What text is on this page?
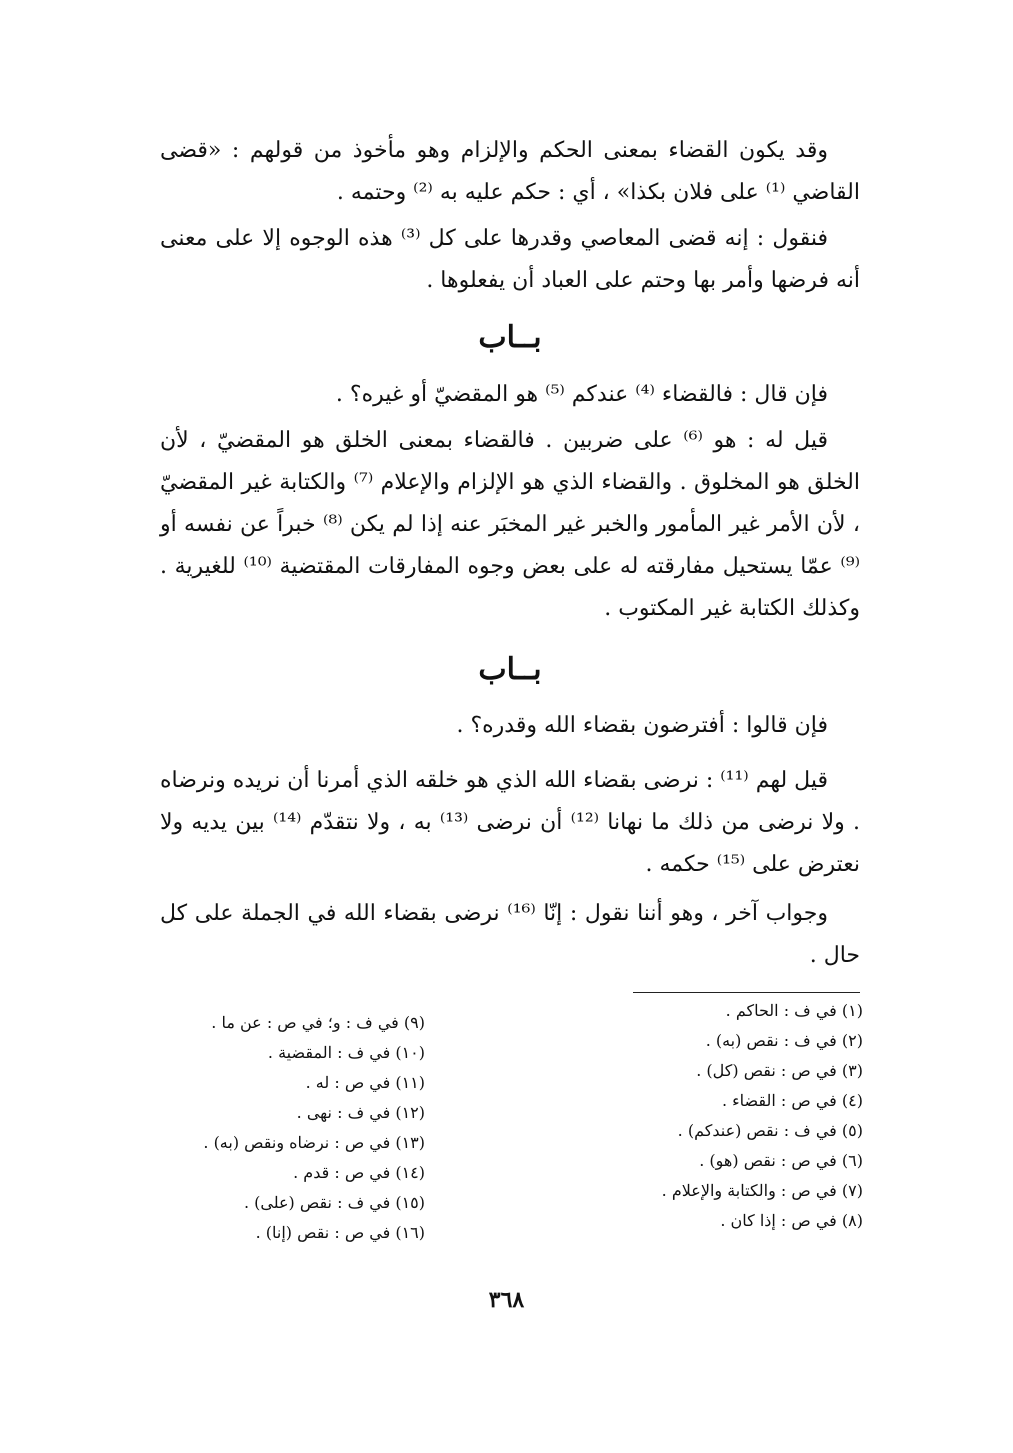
وقد يكون القضاء بمعنى الحكم والإلزام وهو مأخوذ من قولهم : «قضى القاضي ⁽¹⁾ على فلان بكذا» ، أي : حكم عليه به ⁽²⁾ وحتمه .

فنقول : إنه قضى المعاصي وقدرها على كل ⁽³⁾ هذه الوجوه إلا على معنى أنه فرضها وأمر بها وحتم على العباد أن يفعلوها .

بــاب

فإن قال : فالقضاء ⁽⁴⁾ عندكم ⁽⁵⁾ هو المقضيّ أو غيره؟ .

قيل له : هو ⁽⁶⁾ على ضربين . فالقضاء بمعنى الخلق هو المقضيّ ، لأن الخلق هو المخلوق . والقضاء الذي هو الإلزام والإعلام ⁽⁷⁾ والكتابة غير المقضيّ ، لأن الأمر غير المأمور والخبر غير المخبَر عنه إذا لم يكن ⁽⁸⁾ خبراً عن نفسه أو ⁽⁹⁾ عمّا يستحيل مفارقته له على بعض وجوه المفارقات المقتضية ⁽¹⁰⁾ للغيرية . وكذلك الكتابة غير المكتوب .

بــاب

فإن قالوا : أفترضون بقضاء الله وقدره؟ .

قيل لهم ⁽¹¹⁾ : نرضى بقضاء الله الذي هو خلقه الذي أمرنا أن نريده ونرضاه . ولا نرضى من ذلك ما نهانا ⁽¹²⁾ أن نرضى ⁽¹³⁾ به ، ولا نتقدّم ⁽¹⁴⁾ بين يديه ولا نعترض على ⁽¹⁵⁾ حكمه .

وجواب آخر ، وهو أننا نقول : إنّا ⁽¹⁶⁾ نرضى بقضاء الله في الجملة على كل حال .

(١) في ف : الحاكم .
(٢) في ف : نقص (به) .
(٣) في ص : نقص (كل) .
(٤) في ص : القضاء .
(٥) في ف : نقص (عندكم) .
(٦) في ص : نقص (هو) .
(٧) في ص : والكتابة والإعلام .
(٨) في ص : إذا كان .
(٩) في ف : و؛ في ص : عن ما .
(١٠) في ف : المقضية .
(١١) في ص : له .
(١٢) في ف : نهى .
(١٣) في ص : نرضاه ونقص (به) .
(١٤) في ص : قدم .
(١٥) في ف : نقص (على) .
(١٦) في ص : نقص (إنا) .
٣٦٨
